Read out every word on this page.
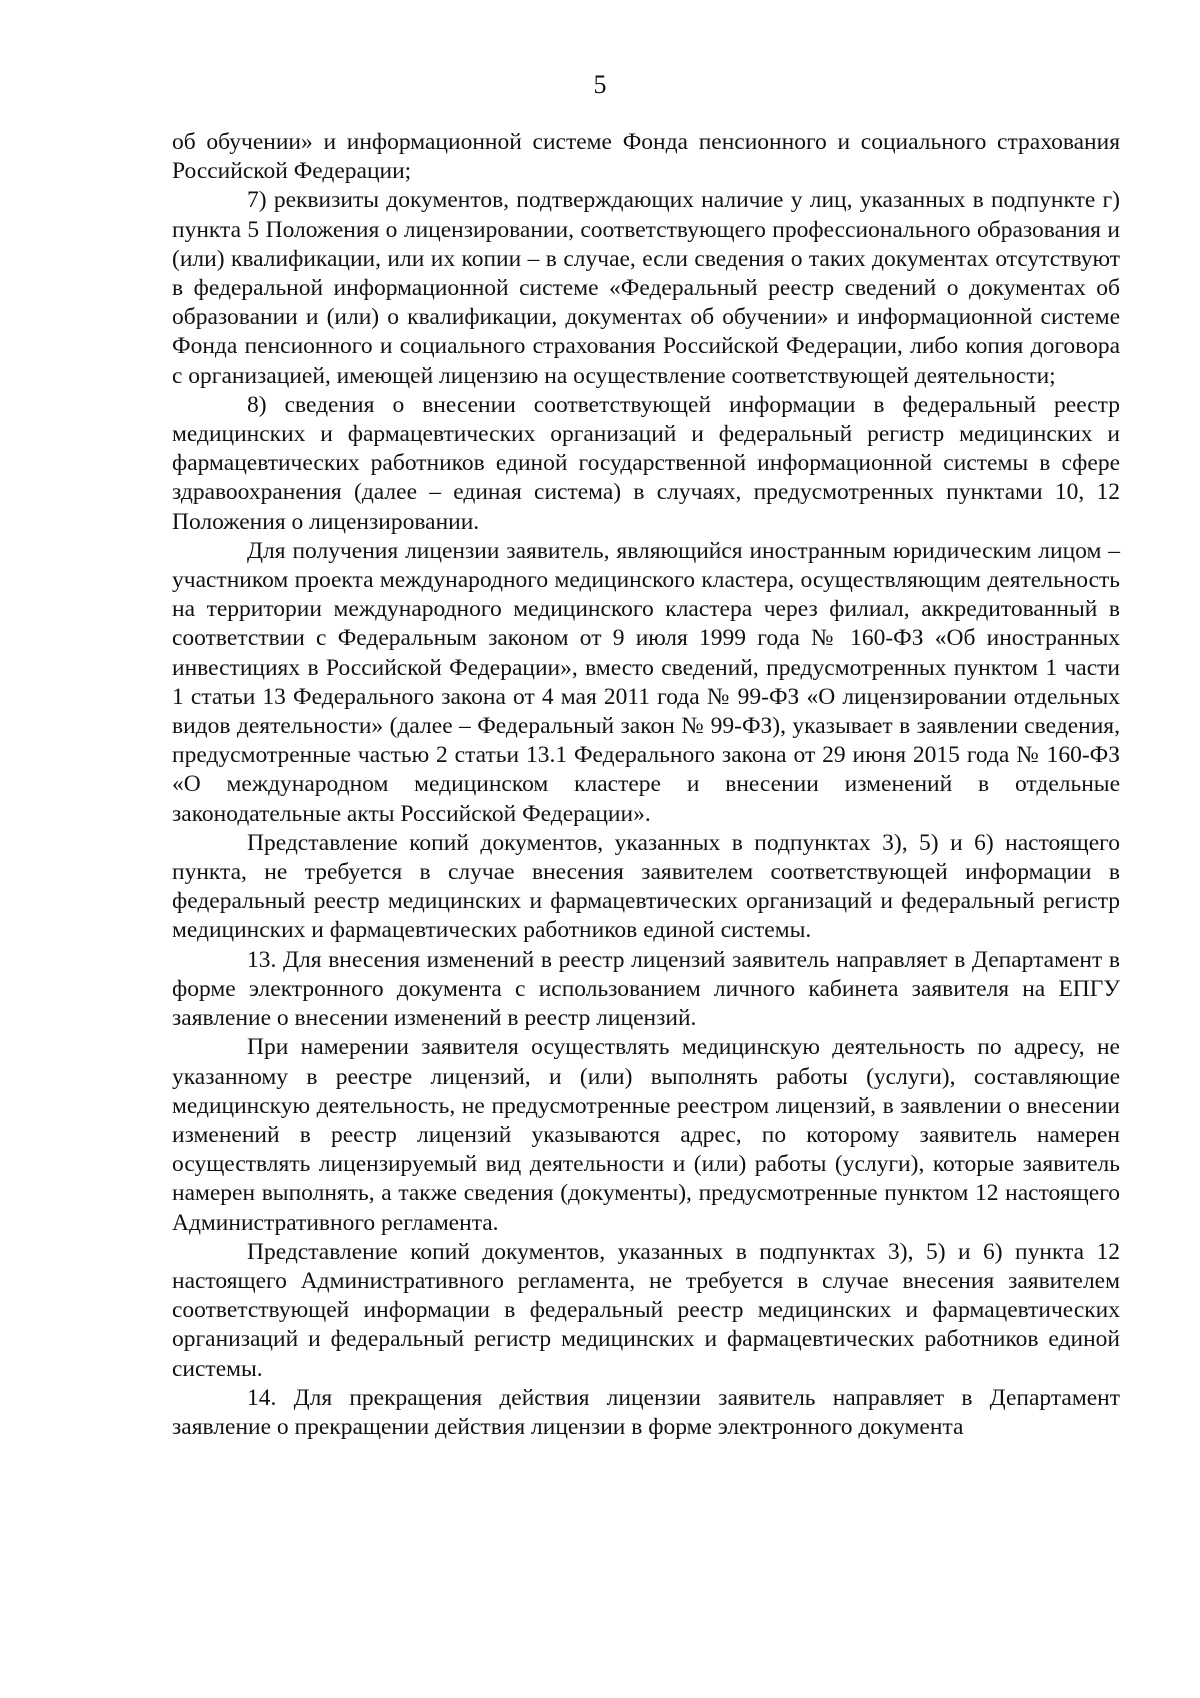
5

об обучении» и информационной системе Фонда пенсионного и социального страхования Российской Федерации;

7) реквизиты документов, подтверждающих наличие у лиц, указанных в подпункте г) пункта 5 Положения о лицензировании, соответствующего профессионального образования и (или) квалификации, или их копии – в случае, если сведения о таких документах отсутствуют в федеральной информационной системе «Федеральный реестр сведений о документах об образовании и (или) о квалификации, документах об обучении» и информационной системе Фонда пенсионного и социального страхования Российской Федерации, либо копия договора с организацией, имеющей лицензию на осуществление соответствующей деятельности;

8) сведения о внесении соответствующей информации в федеральный реестр медицинских и фармацевтических организаций и федеральный регистр медицинских и фармацевтических работников единой государственной информационной системы в сфере здравоохранения (далее – единая система) в случаях, предусмотренных пунктами 10, 12 Положения о лицензировании.

Для получения лицензии заявитель, являющийся иностранным юридическим лицом – участником проекта международного медицинского кластера, осуществляющим деятельность на территории международного медицинского кластера через филиал, аккредитованный в соответствии с Федеральным законом от 9 июля 1999 года № 160-ФЗ «Об иностранных инвестициях в Российской Федерации», вместо сведений, предусмотренных пунктом 1 части 1 статьи 13 Федерального закона от 4 мая 2011 года № 99-ФЗ «О лицензировании отдельных видов деятельности» (далее – Федеральный закон № 99-ФЗ), указывает в заявлении сведения, предусмотренные частью 2 статьи 13.1 Федерального закона от 29 июня 2015 года № 160-ФЗ «О международном медицинском кластере и внесении изменений в отдельные законодательные акты Российской Федерации».

Представление копий документов, указанных в подпунктах 3), 5) и 6) настоящего пункта, не требуется в случае внесения заявителем соответствующей информации в федеральный реестр медицинских и фармацевтических организаций и федеральный регистр медицинских и фармацевтических работников единой системы.

13. Для внесения изменений в реестр лицензий заявитель направляет в Департамент в форме электронного документа с использованием личного кабинета заявителя на ЕПГУ заявление о внесении изменений в реестр лицензий.

При намерении заявителя осуществлять медицинскую деятельность по адресу, не указанному в реестре лицензий, и (или) выполнять работы (услуги), составляющие медицинскую деятельность, не предусмотренные реестром лицензий, в заявлении о внесении изменений в реестр лицензий указываются адрес, по которому заявитель намерен осуществлять лицензируемый вид деятельности и (или) работы (услуги), которые заявитель намерен выполнять, а также сведения (документы), предусмотренные пунктом 12 настоящего Административного регламента.

Представление копий документов, указанных в подпунктах 3), 5) и 6) пункта 12 настоящего Административного регламента, не требуется в случае внесения заявителем соответствующей информации в федеральный реестр медицинских и фармацевтических организаций и федеральный регистр медицинских и фармацевтических работников единой системы.

14. Для прекращения действия лицензии заявитель направляет в Департамент заявление о прекращении действия лицензии в форме электронного документа
